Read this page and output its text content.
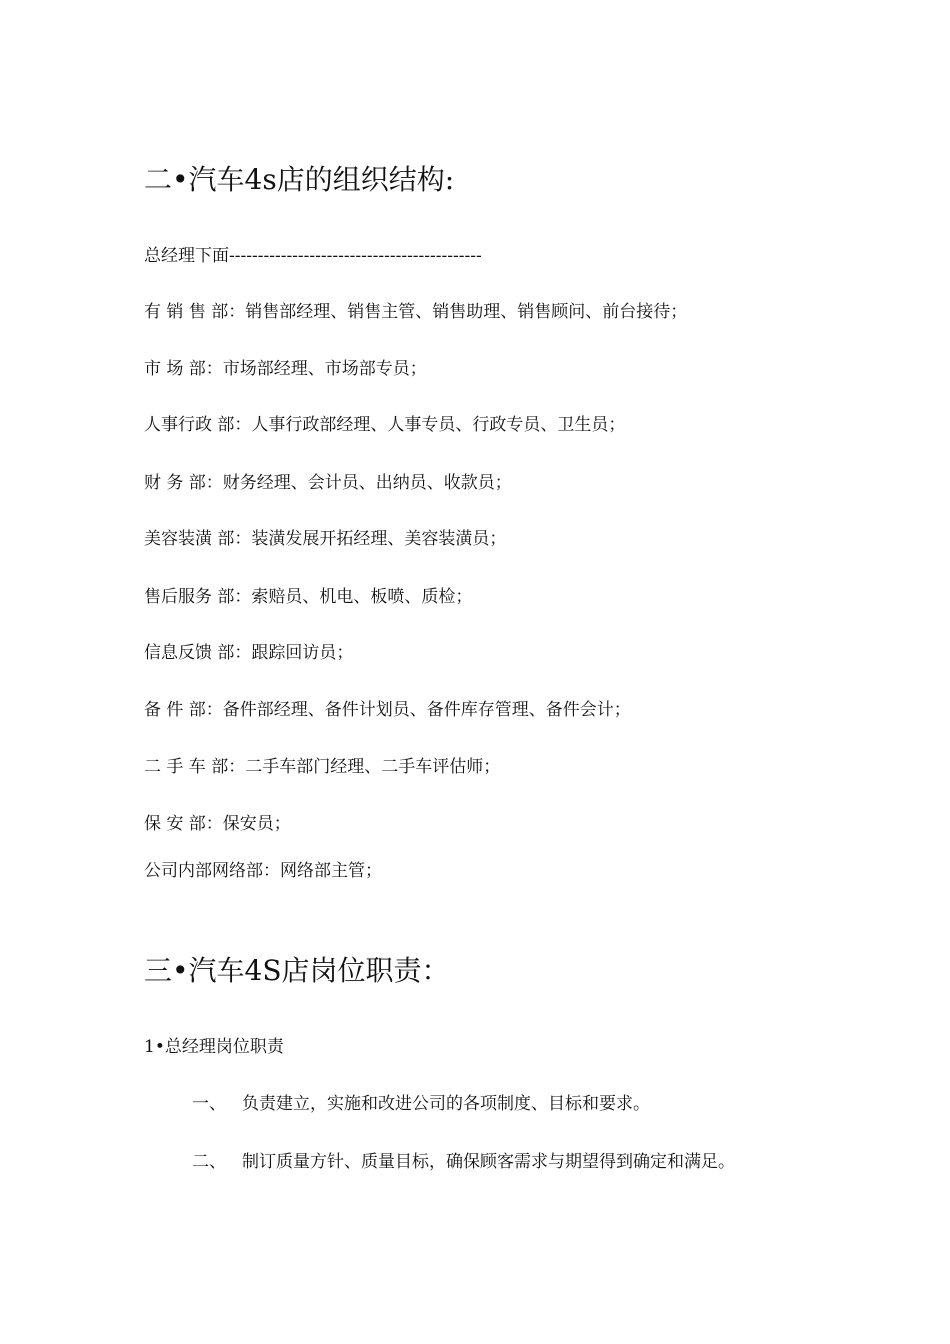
二•汽车4s店的组织结构:
总经理下面--------------------------------------------
有 销 售 部：销售部经理、销售主管、销售助理、销售顾问、前台接待；
市 场 部：市场部经理、市场部专员；
人事行政 部：人事行政部经理、人事专员、行政专员、卫生员；
财 务 部：财务经理、会计员、出纳员、收款员；
美容装潢 部：装潢发展开拓经理、美容装潢员；
售后服务 部：索赔员、机电、板喷、质检；
信息反馈 部：跟踪回访员；
备 件 部：备件部经理、备件计划员、备件库存管理、备件会计；
二 手 车 部：二手车部门经理、二手车评估师；
保 安 部：保安员；
公司内部网络部：网络部主管；
三•汽车4S店岗位职责：
1•总经理岗位职责
一、 负责建立，实施和改进公司的各项制度、目标和要求。
二、 制订质量方针、质量目标，确保顾客需求与期望得到确定和满足。
